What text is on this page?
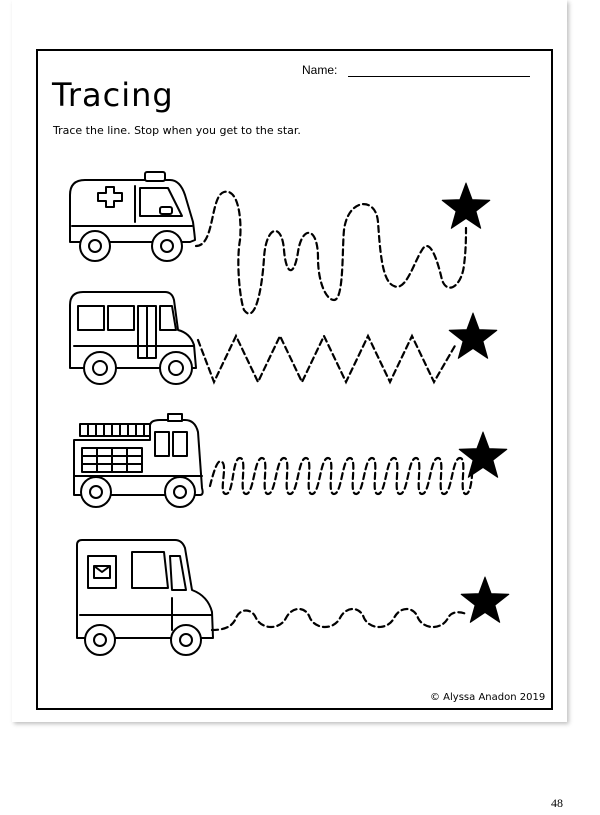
Name:
Tracing
Trace the line. Stop when you get to the star.
© Alyssa Anadon 2019
48
